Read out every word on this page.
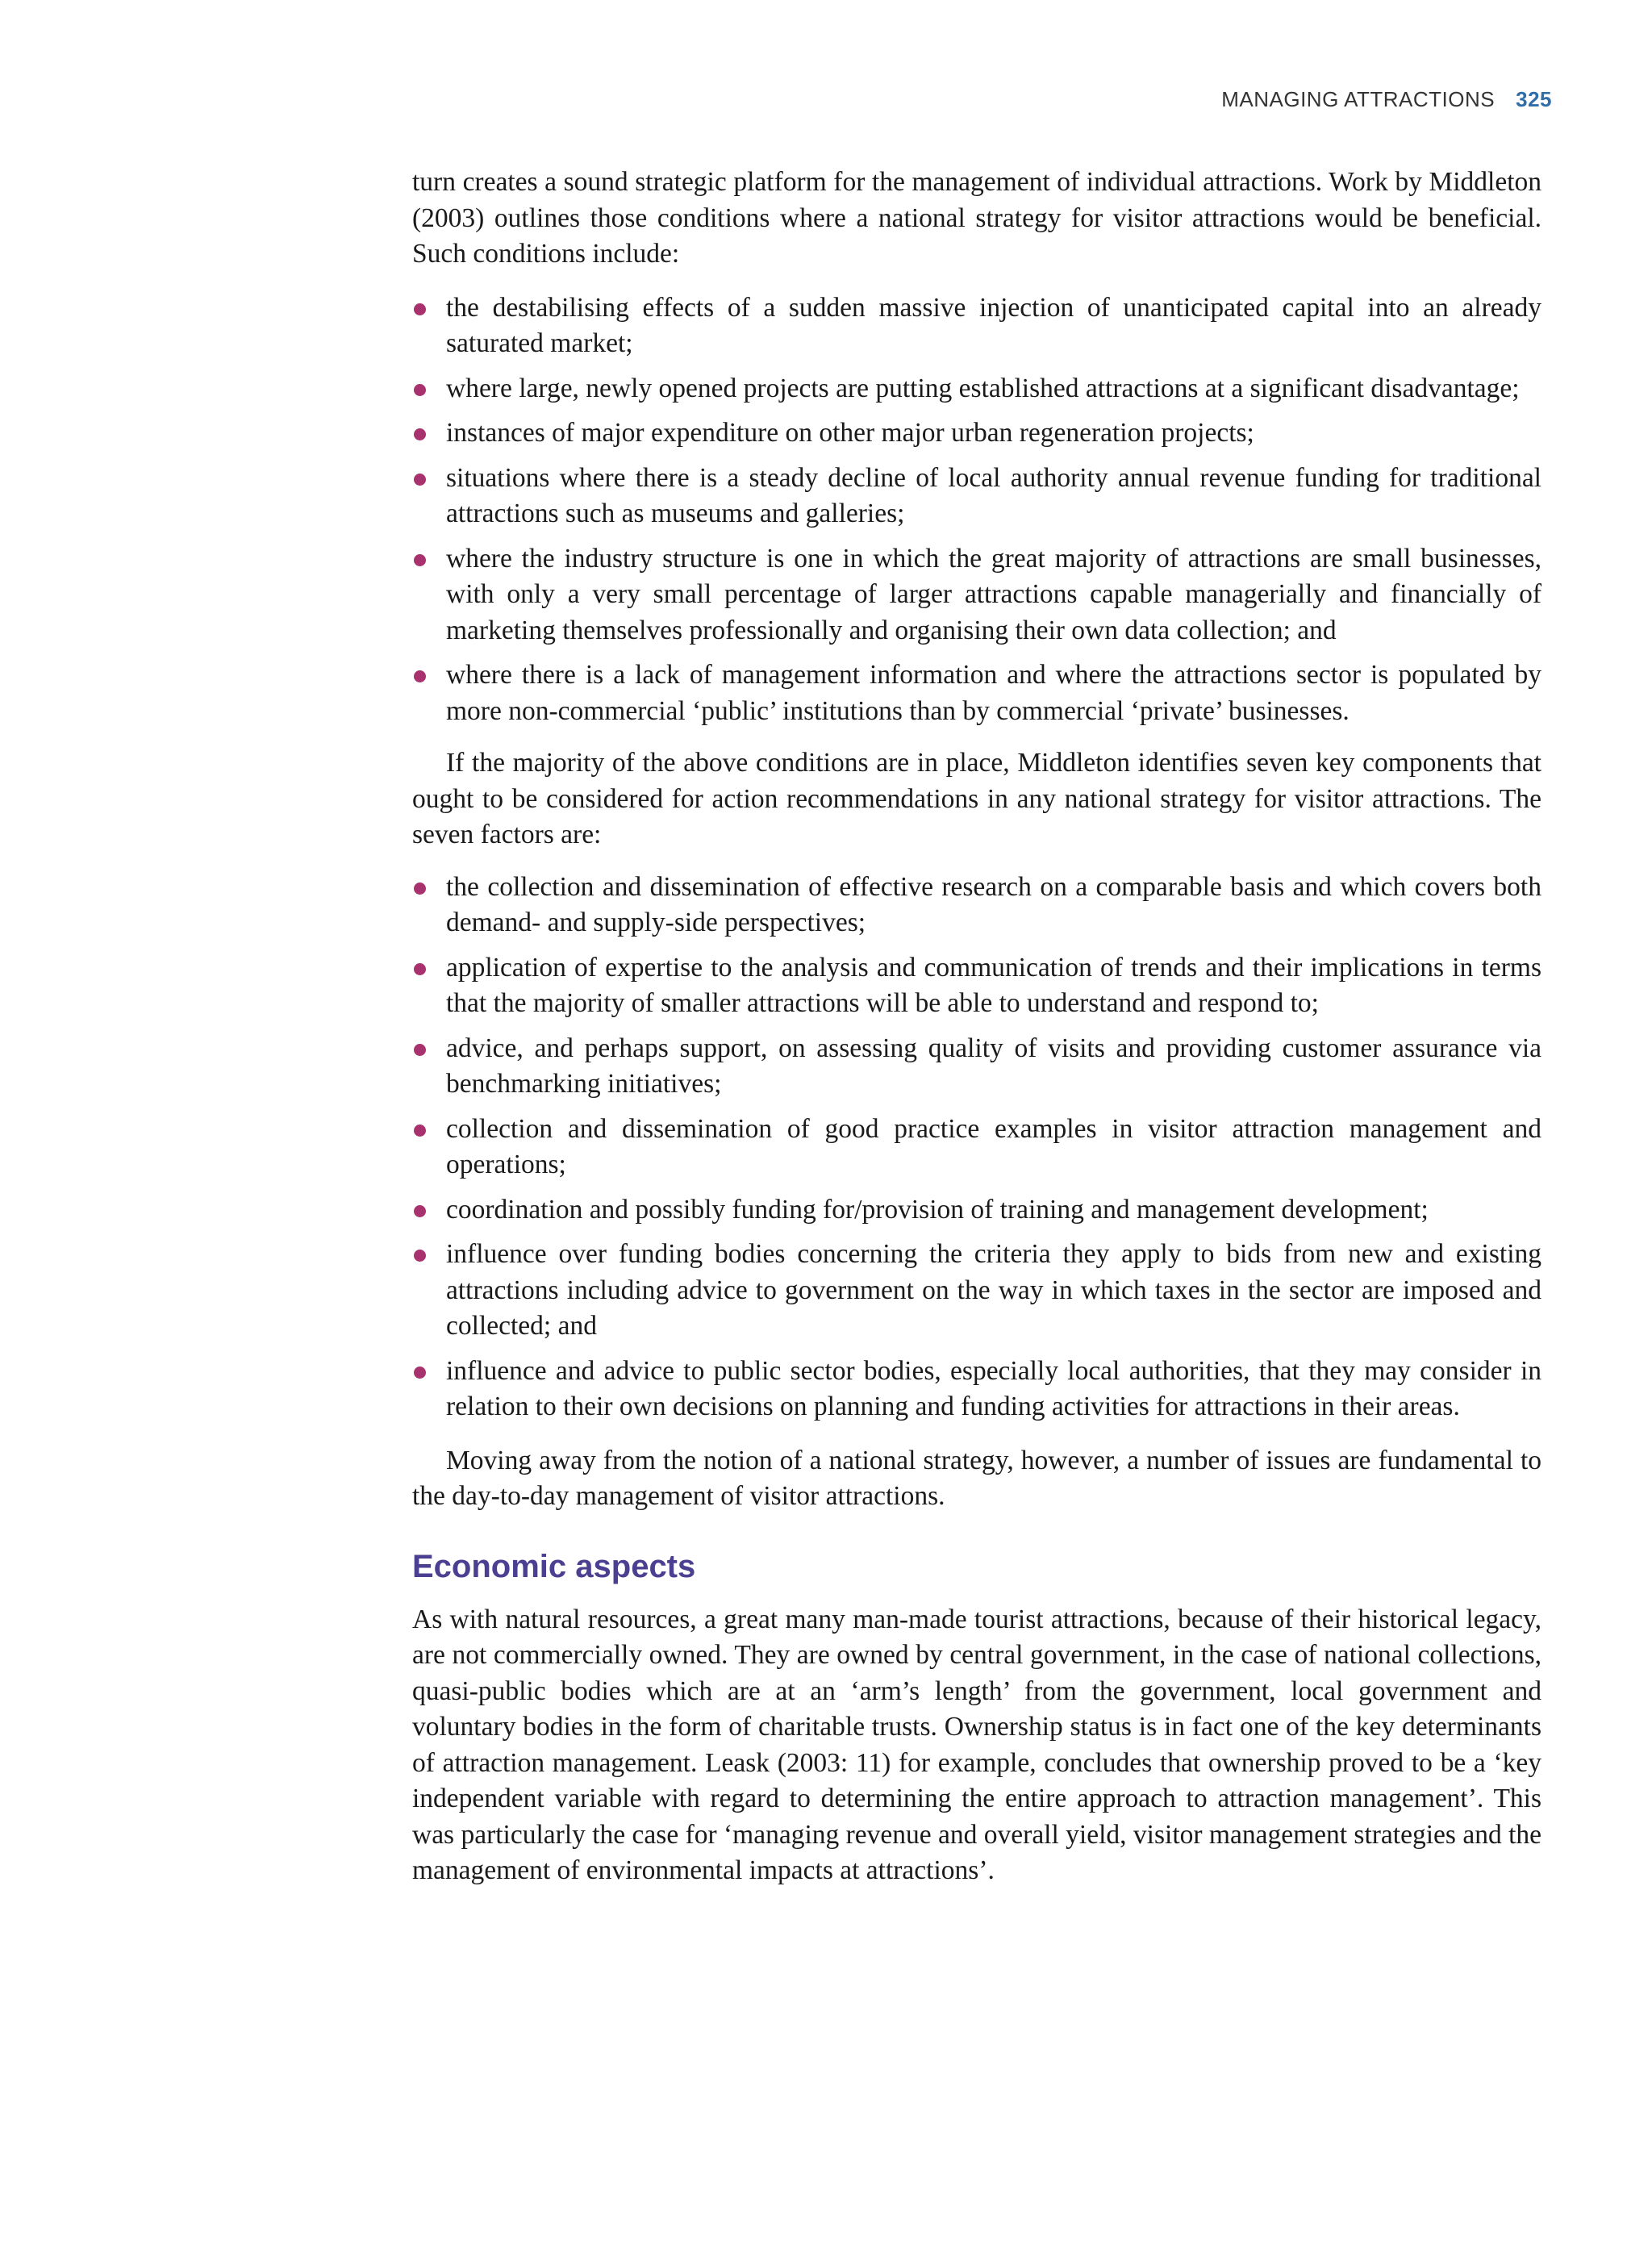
MANAGING ATTRACTIONS 325

turn creates a sound strategic platform for the management of individual attractions. Work by Middleton (2003) outlines those conditions where a national strategy for visitor attractions would be beneficial. Such conditions include:

the destabilising effects of a sudden massive injection of unanticipated capital into an already saturated market;
where large, newly opened projects are putting established attractions at a significant disadvantage;
instances of major expenditure on other major urban regeneration projects;
situations where there is a steady decline of local authority annual revenue funding for traditional attractions such as museums and galleries;
where the industry structure is one in which the great majority of attractions are small businesses, with only a very small percentage of larger attractions capable managerially and financially of marketing themselves professionally and organising their own data collection; and
where there is a lack of management information and where the attractions sector is populated by more non-commercial ‘public’ institutions than by commercial ‘private’ businesses.

If the majority of the above conditions are in place, Middleton identifies seven key components that ought to be considered for action recommendations in any national strategy for visitor attractions. The seven factors are:

the collection and dissemination of effective research on a comparable basis and which covers both demand- and supply-side perspectives;
application of expertise to the analysis and communication of trends and their implications in terms that the majority of smaller attractions will be able to understand and respond to;
advice, and perhaps support, on assessing quality of visits and providing customer assurance via benchmarking initiatives;
collection and dissemination of good practice examples in visitor attraction management and operations;
coordination and possibly funding for/provision of training and management development;
influence over funding bodies concerning the criteria they apply to bids from new and existing attractions including advice to government on the way in which taxes in the sector are imposed and collected; and
influence and advice to public sector bodies, especially local authorities, that they may consider in relation to their own decisions on planning and funding activities for attractions in their areas.

Moving away from the notion of a national strategy, however, a number of issues are fundamental to the day-to-day management of visitor attractions.

Economic aspects

As with natural resources, a great many man-made tourist attractions, because of their historical legacy, are not commercially owned. They are owned by central government, in the case of national collections, quasi-public bodies which are at an ‘arm’s length’ from the government, local government and voluntary bodies in the form of charitable trusts. Ownership status is in fact one of the key determinants of attraction management. Leask (2003: 11) for example, concludes that ownership proved to be a ‘key independent variable with regard to determining the entire approach to attraction management’. This was particularly the case for ‘managing revenue and overall yield, visitor management strategies and the management of environmental impacts at attractions’.
